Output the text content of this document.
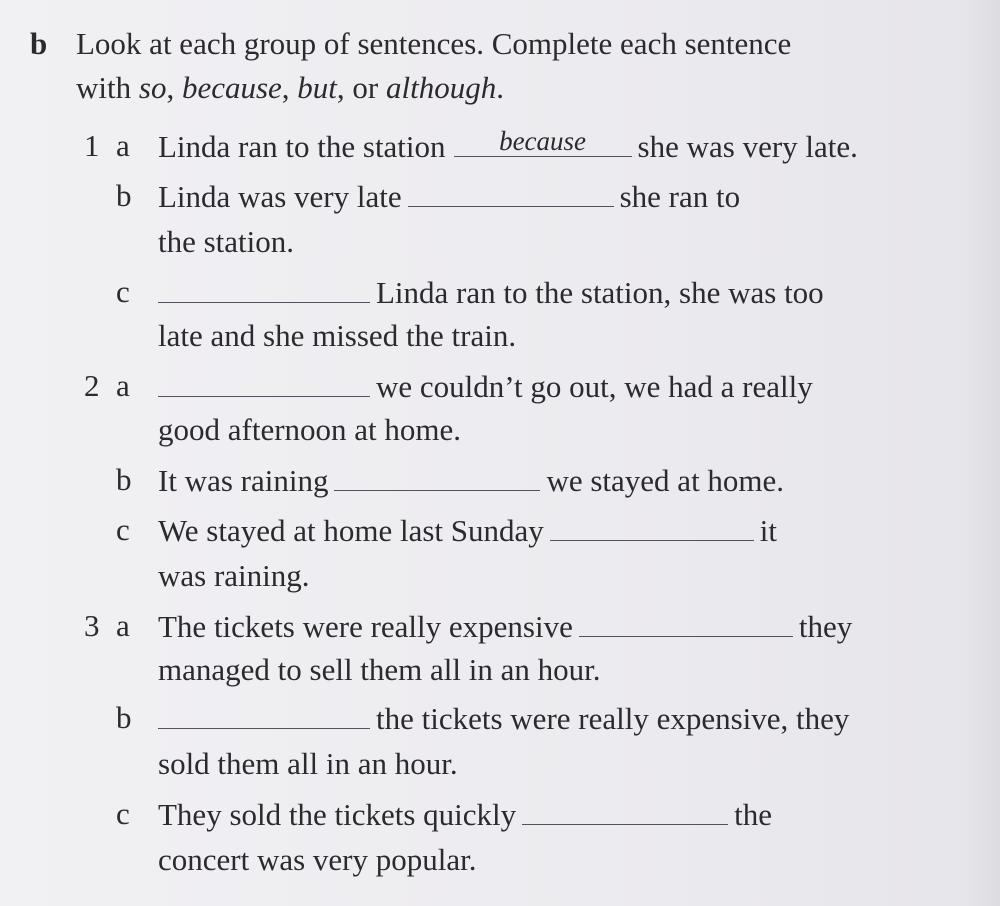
b Look at each group of sentences. Complete each sentence
with so, because, but, or although.
1 a Linda ran to the station	because	she was very late.
b Linda was very late	she ran to
the station.
c	Linda ran to the station, she was too
late and she missed the train.
2 a	we couldn’t go out, we had a really
good afternoon at home.
b It was raining	we stayed at home.
c We stayed at home last Sunday	it
was raining.
3 a The tickets were really expensive	they
managed to sell them all in an hour.
b	the tickets were really expensive, they
sold them all in an hour.
c They sold the tickets quickly	the
concert was very popular.
